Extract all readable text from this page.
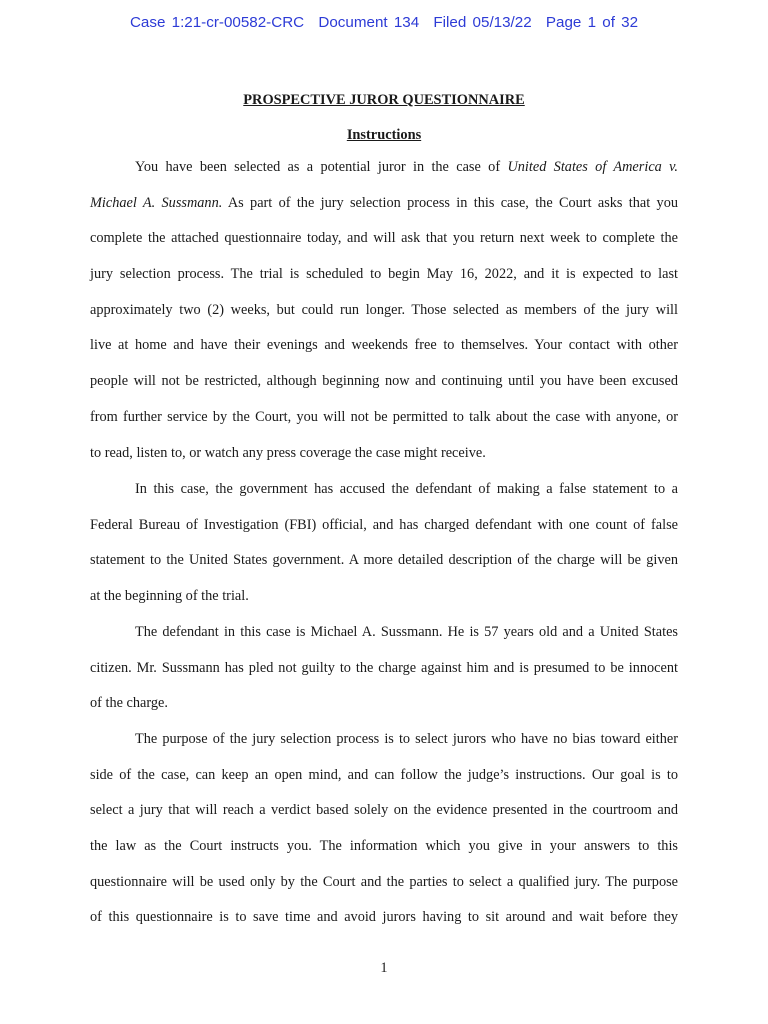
Case 1:21-cr-00582-CRC Document 134 Filed 05/13/22 Page 1 of 32
PROSPECTIVE JUROR QUESTIONNAIRE
Instructions
You have been selected as a potential juror in the case of United States of America v.
Michael A. Sussmann. As part of the jury selection process in this case, the Court asks that you
complete the attached questionnaire today, and will ask that you return next week to complete the
jury selection process. The trial is scheduled to begin May 16, 2022, and it is expected to last
approximately two (2) weeks, but could run longer. Those selected as members of the jury will
live at home and have their evenings and weekends free to themselves. Your contact with other
people will not be restricted, although beginning now and continuing until you have been excused
from further service by the Court, you will not be permitted to talk about the case with anyone, or
to read, listen to, or watch any press coverage the case might receive.
In this case, the government has accused the defendant of making a false statement to a
Federal Bureau of Investigation (FBI) official, and has charged defendant with one count of false
statement to the United States government. A more detailed description of the charge will be given
at the beginning of the trial.
The defendant in this case is Michael A. Sussmann. He is 57 years old and a United States
citizen. Mr. Sussmann has pled not guilty to the charge against him and is presumed to be innocent
of the charge.
The purpose of the jury selection process is to select jurors who have no bias toward either
side of the case, can keep an open mind, and can follow the judge’s instructions. Our goal is to
select a jury that will reach a verdict based solely on the evidence presented in the courtroom and
the law as the Court instructs you. The information which you give in your answers to this
questionnaire will be used only by the Court and the parties to select a qualified jury. The purpose
of this questionnaire is to save time and avoid jurors having to sit around and wait before they
1
